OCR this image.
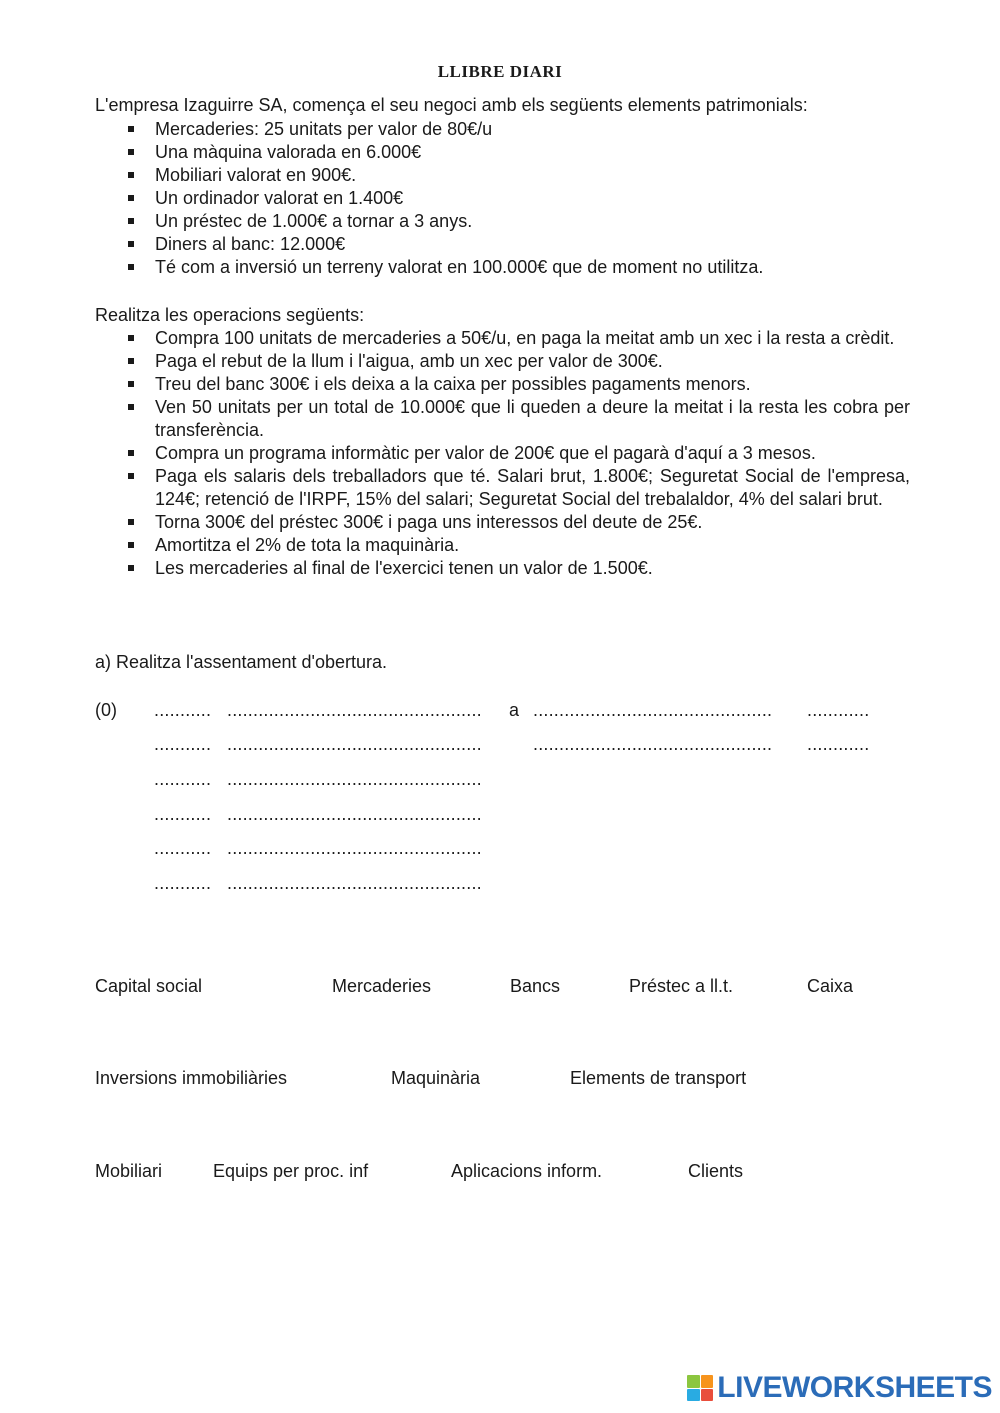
LLIBRE DIARI

L'empresa Izaguirre SA, comença el seu negoci amb els següents elements patrimonials:

Mercaderies: 25 unitats per valor de 80€/u
Una màquina valorada en 6.000€
Mobiliari valorat en 900€.
Un ordinador valorat en 1.400€
Un préstec de 1.000€ a tornar a 3 anys.
Diners al banc: 12.000€
Té com a inversió un terreny valorat en 100.000€ que de moment no utilitza.

Realitza les operacions següents:

Compra 100 unitats de mercaderies a 50€/u, en paga la meitat amb un xec i la resta a crèdit.
Paga el rebut de la llum i l'aigua, amb un xec per valor de 300€.
Treu del banc 300€ i els deixa a la caixa per possibles pagaments menors.
Ven 50 unitats per un total de 10.000€ que li queden a deure la meitat i la resta les cobra per transferència.
Compra un programa informàtic per valor de 200€ que el pagarà d'aquí a 3 mesos.
Paga els salaris dels treballadors que té. Salari brut, 1.800€; Seguretat Social de l'empresa, 124€; retenció de l'IRPF, 15% del salari; Seguretat Social del trebalaldor, 4% del salari brut.
Torna 300€ del préstec 300€ i paga uns interessos del deute de 25€.
Amortitza el 2% de tota la maquinària.
Les mercaderies al final de l'exercici tenen un valor de 1.500€.

a) Realitza l'assentament d'obertura.

(0) ........... ................................................. a .............................................. ............
........... .................................................	.............................................. ............
........... .................................................
........... .................................................
........... .................................................
........... .................................................
Capital social	Mercaderies	Bancs	Préstec a ll.t.	Caixa
Inversions immobiliàries	Maquinària	Elements de transport
Mobiliari	Equips per proc. inf	Aplicacions inform.	Clients
LIVEWORKSHEETS
